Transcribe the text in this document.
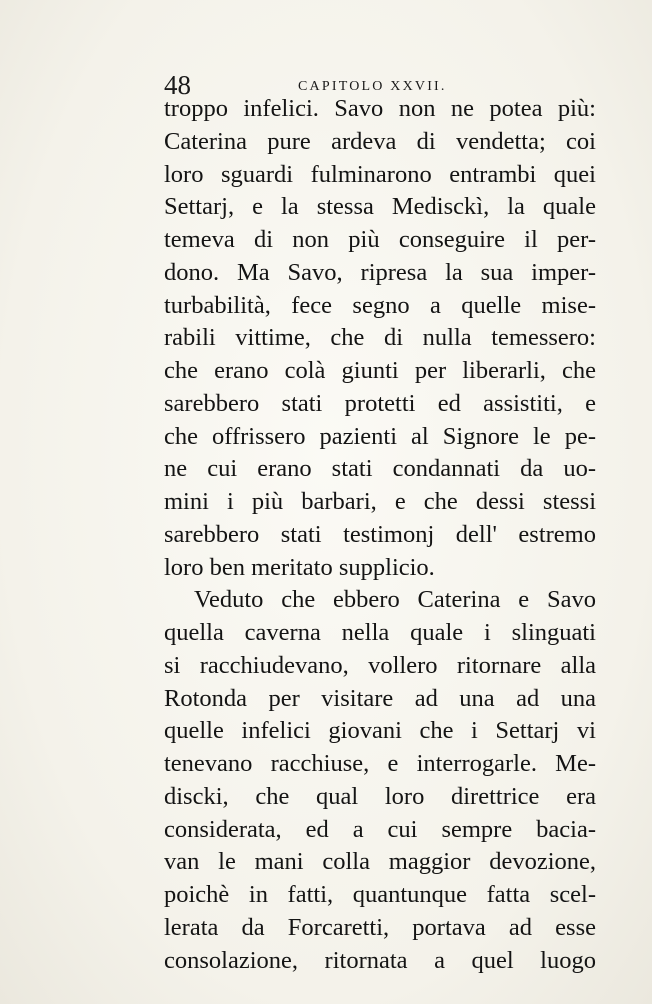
48	CAPITOLO XXVII.
troppo infelici. Savo non ne potea più:
Caterina pure ardeva di vendetta; coi
loro sguardi fulminarono entrambi quei
Settarj, e la stessa Medisckì, la quale
temeva di non più conseguire il per-
dono. Ma Savo, ripresa la sua imper-
turbabilità, fece segno a quelle mise-
rabili vittime, che di nulla temessero:
che erano colà giunti per liberarli, che
sarebbero stati protetti ed assistiti, e
che offrissero pazienti al Signore le pe-
ne cui erano stati condannati da uo-
mini i più barbari, e che dessi stessi
sarebbero stati testimonj dell' estremo
loro ben meritato supplicio.
Veduto che ebbero Caterina e Savo
quella caverna nella quale i slinguati
si racchiudevano, vollero ritornare alla
Rotonda per visitare ad una ad una
quelle infelici giovani che i Settarj vi
tenevano racchiuse, e interrogarle. Me-
discki, che qual loro direttrice era
considerata, ed a cui sempre bacia-
van le mani colla maggior devozione,
poichè in fatti, quantunque fatta scel-
lerata da Forcaretti, portava ad esse
consolazione, ritornata a quel luogo
